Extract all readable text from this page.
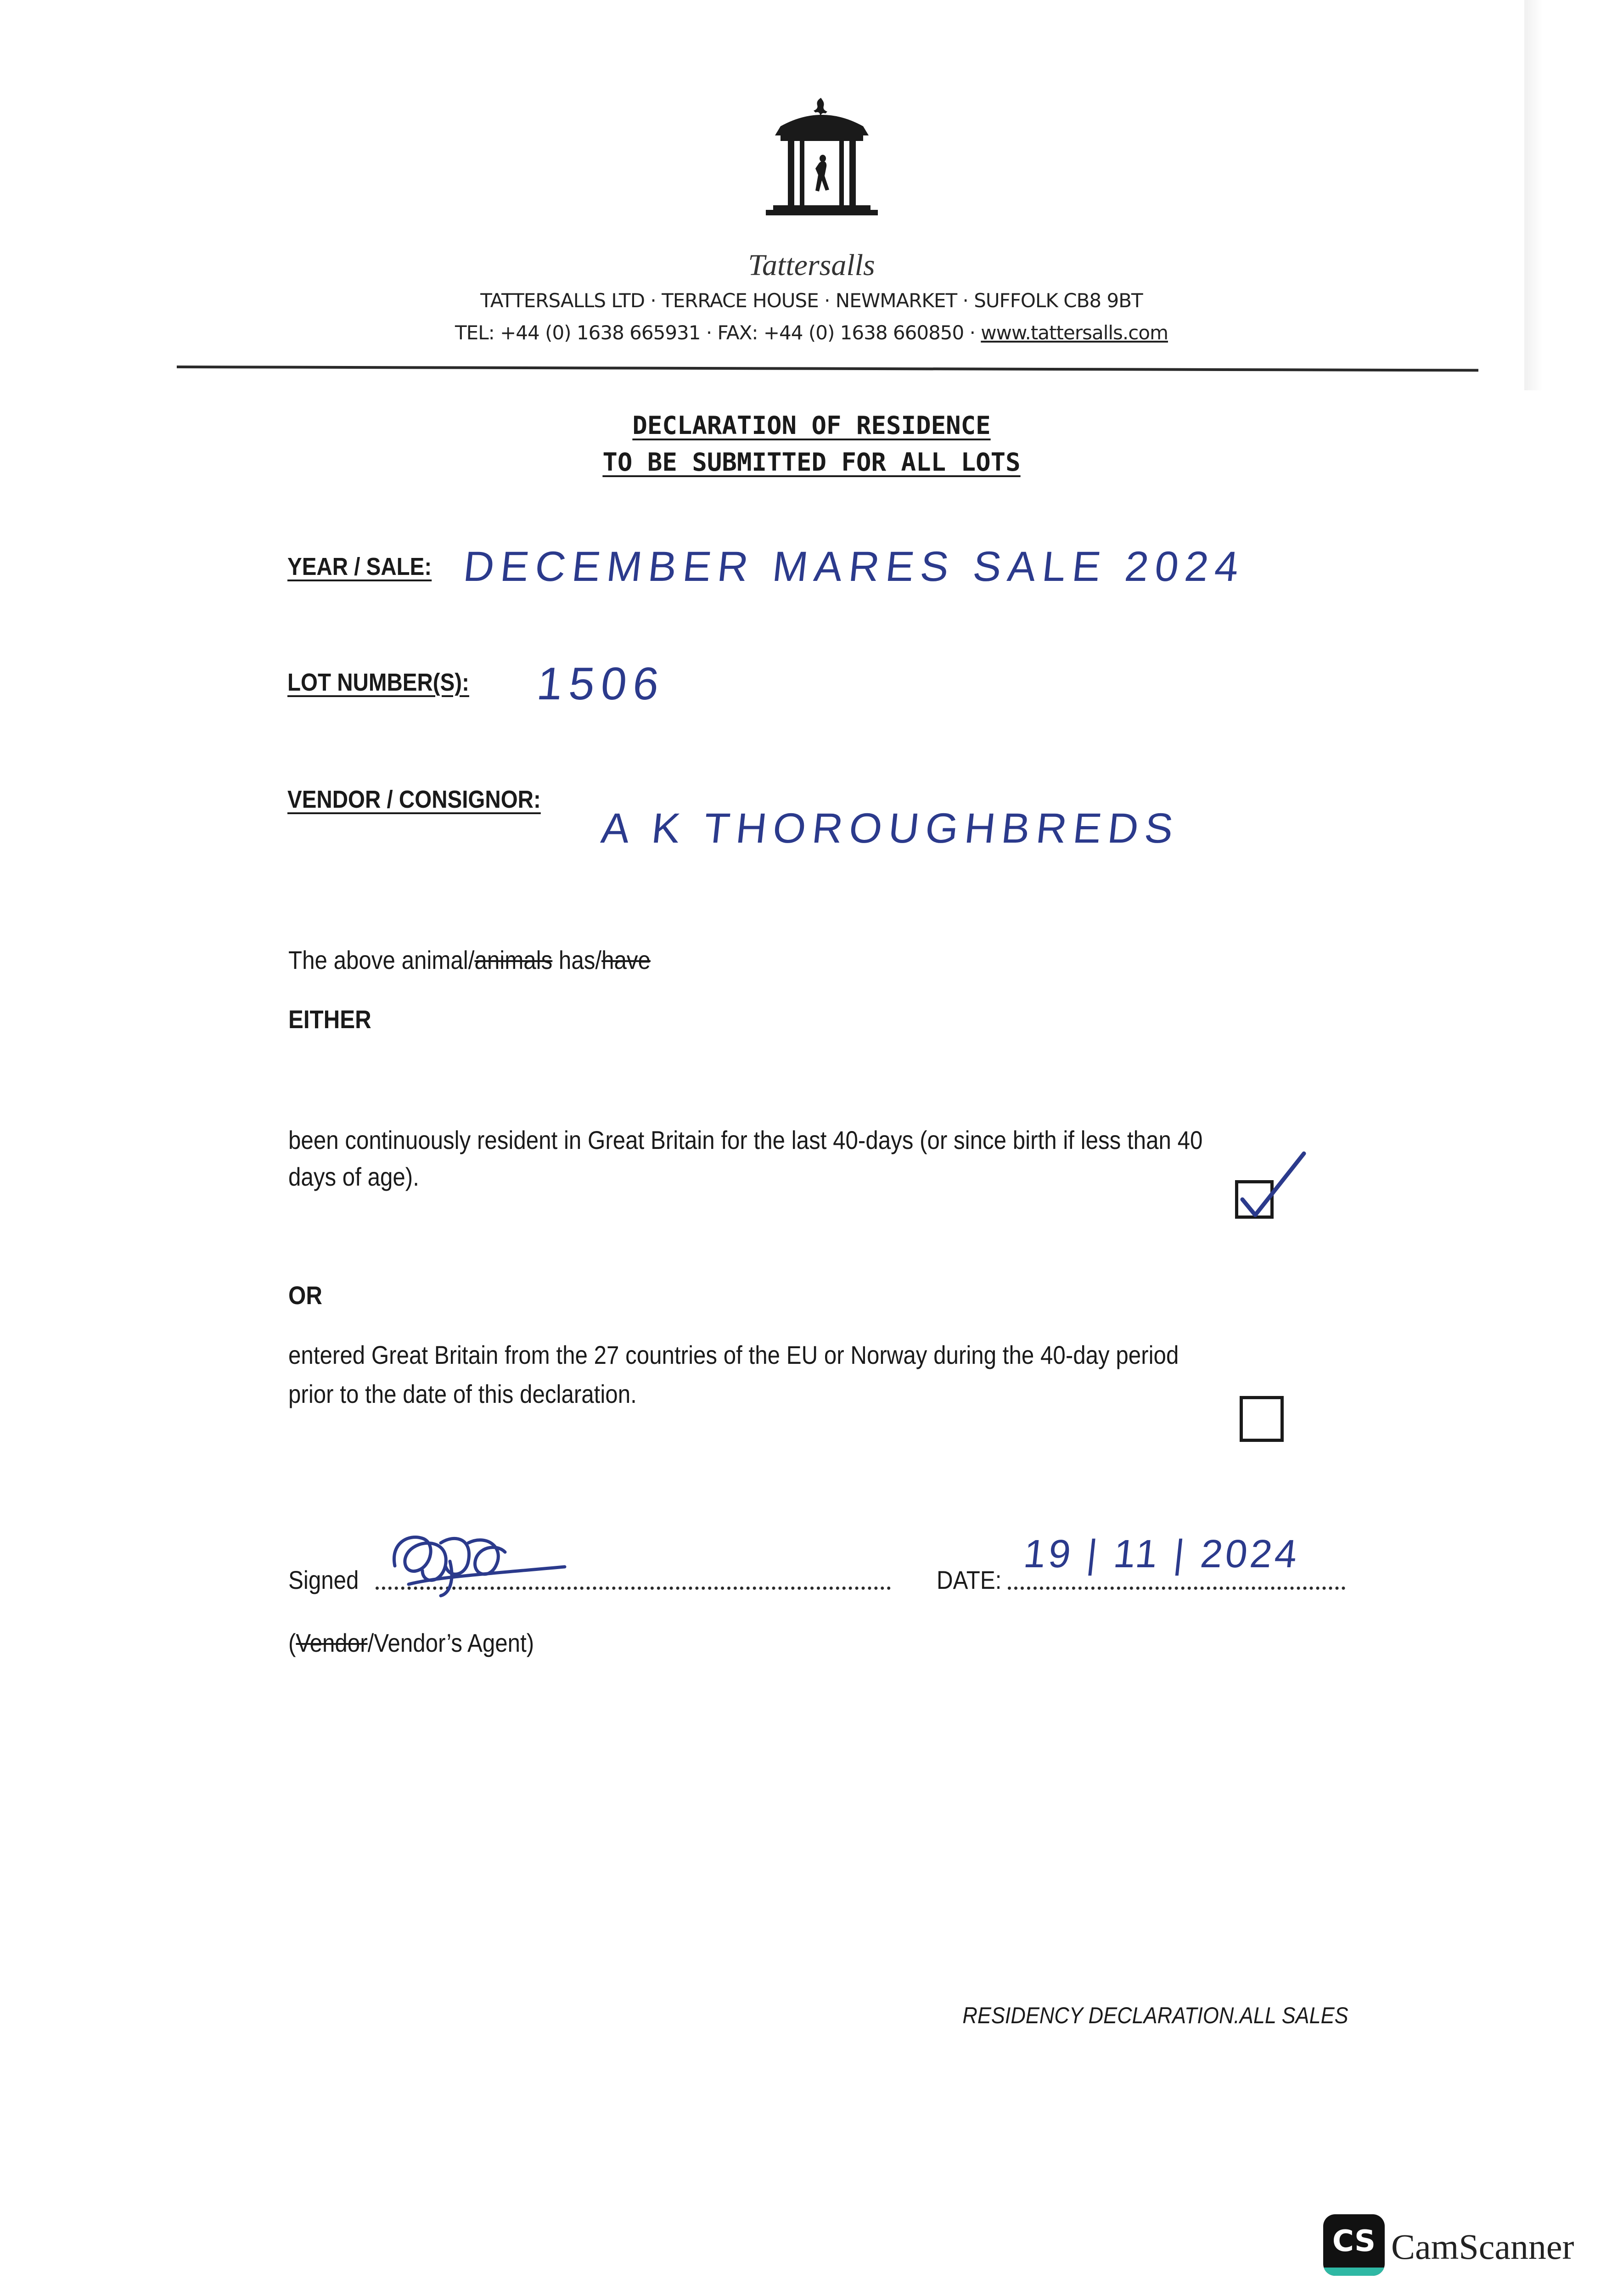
Tattersalls
TATTERSALLS LTD · TERRACE HOUSE · NEWMARKET · SUFFOLK CB8 9BT
TEL: +44 (0) 1638 665931 · FAX: +44 (0) 1638 660850 · www.tattersalls.com
DECLARATION OF RESIDENCE
TO BE SUBMITTED FOR ALL LOTS
YEAR / SALE: DECEMBER MARES SALE 2024
LOT NUMBER(S): 1506
VENDOR / CONSIGNOR:
A K THOROUGHBREDS
The above animal/animals has/have
EITHER
been continuously resident in Great Britain for the last 40-days (or since birth if less than 40
days of age).
OR
entered Great Britain from the 27 countries of the EU or Norway during the 40-day period
prior to the date of this declaration.
Signed	DATE:
19 | 11 | 2024
(Vendor/Vendor’s Agent)
RESIDENCY DECLARATION.ALL SALES
CS CamScanner
